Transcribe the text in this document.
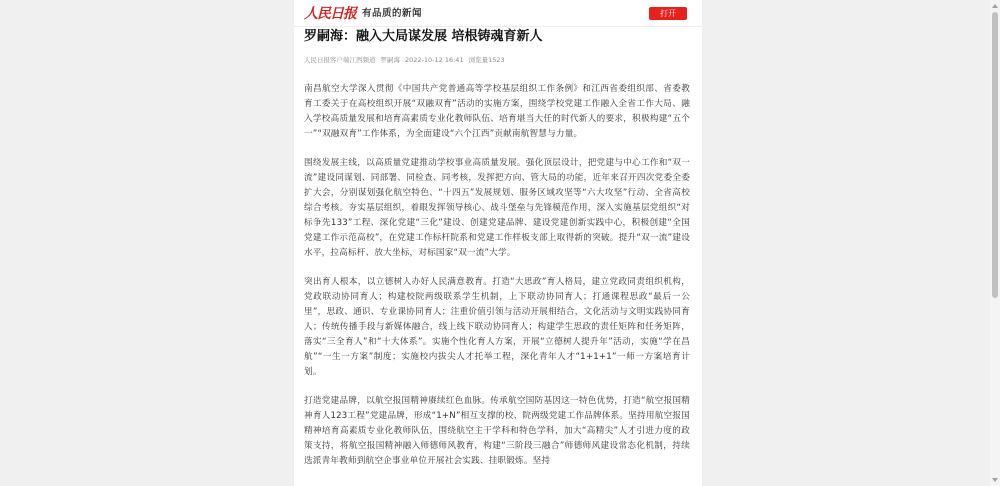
人民日报 有品质的新闻	打开
罗嗣海：融入大局谋发展 培根铸魂育新人
人民日报客户端江西频道 罗嗣海 2022-10-12 16:41 浏览量1523

南昌航空大学深入贯彻《中国共产党普通高等学校基层组织工作条例》和江西省委组织部、省委教育工委关于在高校组织开展“双融双育”活动的实施方案，围绕学校党建工作融入全省工作大局、融入学校高质量发展和培育高素质专业化教师队伍、培育堪当大任的时代新人的要求，积极构建“五个一”“双融双育”工作体系，为全面建设“六个江西”贡献南航智慧与力量。

围绕发展主线，以高质量党建推动学校事业高质量发展。强化顶层设计，把党建与中心工作和“双一流”建设同谋划、同部署、同检查、同考核，发挥把方向、管大局的功能，近年来召开四次党委全委扩大会，分别谋划强化航空特色、“十四五”发展规划、服务区域攻坚等“六大攻坚”行动、全省高校综合考核。夯实基层组织，着眼发挥领导核心、战斗堡垒与先锋模范作用，深入实施基层党组织“对标争先133”工程、深化党建“三化”建设、创建党建品牌、建设党建创新实践中心，积极创建“全国党建工作示范高校”，在党建工作标杆院系和党建工作样板支部上取得新的突破。提升“双一流”建设水平，拉高标杆、放大坐标，对标国家“双一流”大学。

突出育人根本，以立德树人办好人民满意教育。打造“大思政”育人格局，建立党政同责组织机构，党政联动协同育人；构建校院两级联系学生机制，上下联动协同育人；打通课程思政“最后一公里”，思政、通识、专业课协同育人；注重价值引领与活动开展相结合，文化活动与文明实践协同育人；传统传播手段与新媒体融合，线上线下联动协同育人；构建学生思政的责任矩阵和任务矩阵，落实“三全育人”和“十大体系”。实施个性化育人方案，开展“立德树人提升年”活动，实施“学在昌航”“一生一方案”制度；实施校内拔尖人才托举工程，深化青年人才“1+1+1”一师一方案培育计划。

打造党建品牌，以航空报国精神赓续红色血脉。传承航空国防基因这一特色优势，打造“航空报国精神育人123工程”党建品牌，形成“1+N”相互支撑的校、院两级党建工作品牌体系。坚持用航空报国精神培育高素质专业化教师队伍，围绕航空主干学科和特色学科，加大“高精尖”人才引进力度的政策支持，将航空报国精神融入师德师风教育，构建“三阶段三融合”师德师风建设常态化机制，持续选派青年教师到航空企事业单位开展社会实践、挂职锻炼。坚持
